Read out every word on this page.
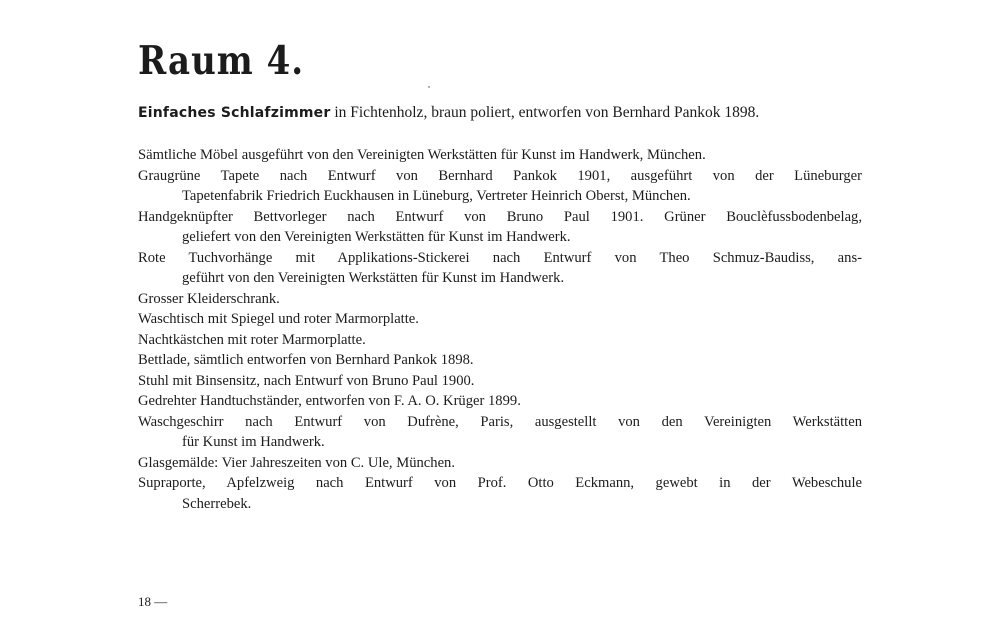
Raum 4.

Einfaches Schlafzimmer in Fichtenholz, braun poliert, entworfen von Bernhard Pankok 1898.

Sämtliche Möbel ausgeführt von den Vereinigten Werkstätten für Kunst im Handwerk, München.
Graugrüne Tapete nach Entwurf von Bernhard Pankok 1901, ausgeführt von der Lüneburger
Tapetenfabrik Friedrich Euckhausen in Lüneburg, Vertreter Heinrich Oberst, München.
Handgeknüpfter Bettvorleger nach Entwurf von Bruno Paul 1901. Grüner Bouclèfussbodenbelag,
geliefert von den Vereinigten Werkstätten für Kunst im Handwerk.
Rote Tuchvorhänge mit Applikations-Stickerei nach Entwurf von Theo Schmuz-Baudiss, ans-
geführt von den Vereinigten Werkstätten für Kunst im Handwerk.
Grosser Kleiderschrank.
Waschtisch mit Spiegel und roter Marmorplatte.
Nachtkästchen mit roter Marmorplatte.
Bettlade, sämtlich entworfen von Bernhard Pankok 1898.
Stuhl mit Binsensitz, nach Entwurf von Bruno Paul 1900.
Gedrehter Handtuchständer, entworfen von F. A. O. Krüger 1899.
Waschgeschirr nach Entwurf von Dufrène, Paris, ausgestellt von den Vereinigten Werkstätten
für Kunst im Handwerk.
Glasgemälde: Vier Jahreszeiten von C. Ule, München.
Supraporte, Apfelzweig nach Entwurf von Prof. Otto Eckmann, gewebt in der Webeschule
Scherrebek.
18 —
